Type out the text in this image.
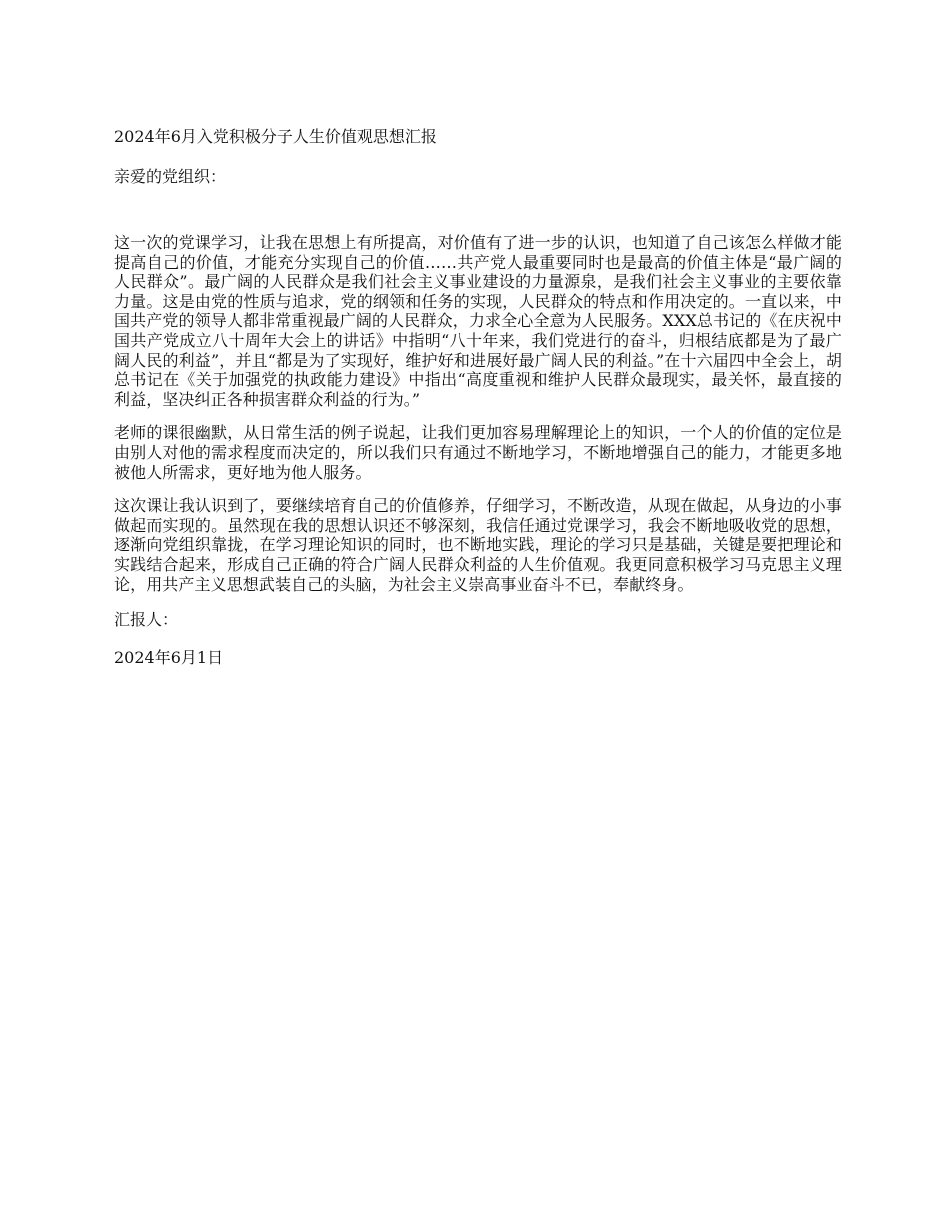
2024年6月入党积极分子人生价值观思想汇报

亲爱的党组织：

这一次的党课学习，让我在思想上有所提高，对价值有了进一步的认识，也知道了自己该怎么样做才能提高自己的价值，才能充分实现自己的价值……共产党人最重要同时也是最高的价值主体是“最广阔的人民群众”。最广阔的人民群众是我们社会主义事业建设的力量源泉，是我们社会主义事业的主要依靠力量。这是由党的性质与追求，党的纲领和任务的实现，人民群众的特点和作用决定的。一直以来，中国共产党的领导人都非常重视最广阔的人民群众，力求全心全意为人民服务。XXX总书记的《在庆祝中国共产党成立八十周年大会上的讲话》中指明“八十年来，我们党进行的奋斗，归根结底都是为了最广阔人民的利益”，并且“都是为了实现好，维护好和进展好最广阔人民的利益。”在十六届四中全会上，胡总书记在《关于加强党的执政能力建设》中指出“高度重视和维护人民群众最现实，最关怀，最直接的利益，坚决纠正各种损害群众利益的行为。”

老师的课很幽默，从日常生活的例子说起，让我们更加容易理解理论上的知识，一个人的价值的定位是由别人对他的需求程度而决定的，所以我们只有通过不断地学习，不断地增强自己的能力，才能更多地被他人所需求，更好地为他人服务。

这次课让我认识到了，要继续培育自己的价值修养，仔细学习，不断改造，从现在做起，从身边的小事做起而实现的。虽然现在我的思想认识还不够深刻，我信任通过党课学习，我会不断地吸收党的思想，逐渐向党组织靠拢，在学习理论知识的同时，也不断地实践，理论的学习只是基础，关键是要把理论和实践结合起来，形成自己正确的符合广阔人民群众利益的人生价值观。我更同意积极学习马克思主义理论，用共产主义思想武装自己的头脑，为社会主义崇高事业奋斗不已，奉献终身。

汇报人：

2024年6月1日
